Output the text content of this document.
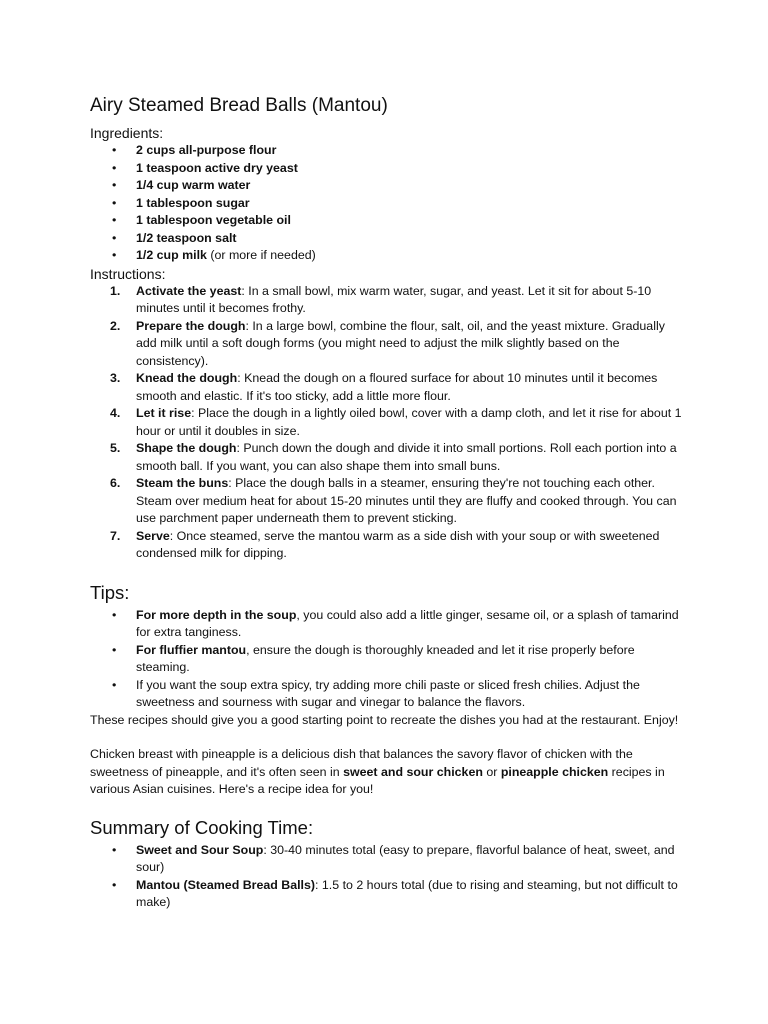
Airy Steamed Bread Balls (Mantou)
Ingredients:
• 2 cups all-purpose flour
• 1 teaspoon active dry yeast
• 1/4 cup warm water
• 1 tablespoon sugar
• 1 tablespoon vegetable oil
• 1/2 teaspoon salt
• 1/2 cup milk (or more if needed)
Instructions:
1. Activate the yeast: In a small bowl, mix warm water, sugar, and yeast. Let it sit for about 5-10 minutes until it becomes frothy.
2. Prepare the dough: In a large bowl, combine the flour, salt, oil, and the yeast mixture. Gradually add milk until a soft dough forms (you might need to adjust the milk slightly based on the consistency).
3. Knead the dough: Knead the dough on a floured surface for about 10 minutes until it becomes smooth and elastic. If it's too sticky, add a little more flour.
4. Let it rise: Place the dough in a lightly oiled bowl, cover with a damp cloth, and let it rise for about 1 hour or until it doubles in size.
5. Shape the dough: Punch down the dough and divide it into small portions. Roll each portion into a smooth ball. If you want, you can also shape them into small buns.
6. Steam the buns: Place the dough balls in a steamer, ensuring they're not touching each other. Steam over medium heat for about 15-20 minutes until they are fluffy and cooked through. You can use parchment paper underneath them to prevent sticking.
7. Serve: Once steamed, serve the mantou warm as a side dish with your soup or with sweetened condensed milk for dipping.
Tips:
• For more depth in the soup, you could also add a little ginger, sesame oil, or a splash of tamarind for extra tanginess.
• For fluffier mantou, ensure the dough is thoroughly kneaded and let it rise properly before steaming.
• If you want the soup extra spicy, try adding more chili paste or sliced fresh chilies. Adjust the sweetness and sourness with sugar and vinegar to balance the flavors.

These recipes should give you a good starting point to recreate the dishes you had at the restaurant. Enjoy!

Chicken breast with pineapple is a delicious dish that balances the savory flavor of chicken with the sweetness of pineapple, and it's often seen in sweet and sour chicken or pineapple chicken recipes in various Asian cuisines. Here's a recipe idea for you!

Summary of Cooking Time:
• Sweet and Sour Soup: 30-40 minutes total (easy to prepare, flavorful balance of heat, sweet, and sour)
• Mantou (Steamed Bread Balls): 1.5 to 2 hours total (due to rising and steaming, but not difficult to make)
